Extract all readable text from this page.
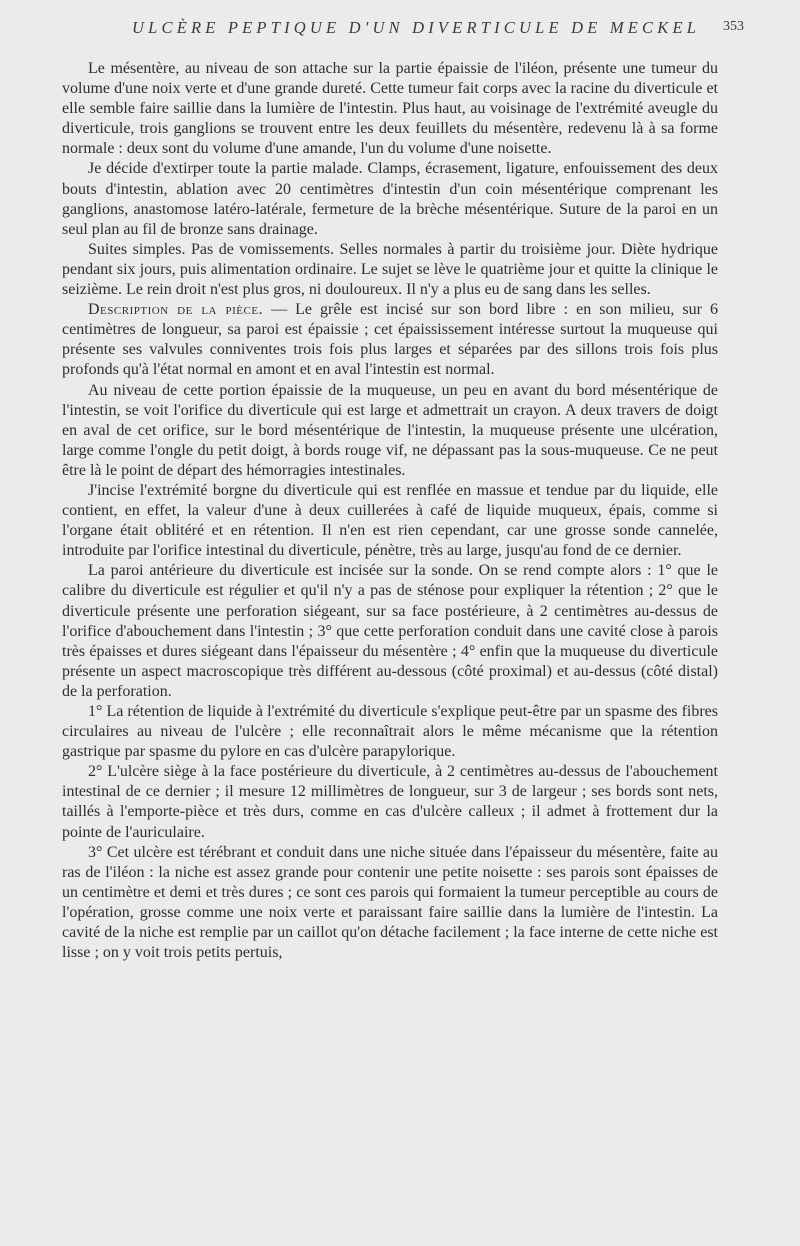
ULCÈRE PEPTIQUE D'UN DIVERTICULE DE MECKEL 353

Le mésentère, au niveau de son attache sur la partie épaissie de l'iléon, présente une tumeur du volume d'une noix verte et d'une grande dureté. Cette tumeur fait corps avec la racine du diverticule et elle semble faire saillie dans la lumière de l'intestin. Plus haut, au voisinage de l'extrémité aveugle du diverticule, trois ganglions se trouvent entre les deux feuillets du mésentère, redevenu là à sa forme normale : deux sont du volume d'une amande, l'un du volume d'une noisette.

Je décide d'extirper toute la partie malade. Clamps, écrasement, ligature, enfouissement des deux bouts d'intestin, ablation avec 20 centimètres d'intestin d'un coin mésentérique comprenant les ganglions, anastomose latéro-latérale, fermeture de la brèche mésentérique. Suture de la paroi en un seul plan au fil de bronze sans drainage.

Suites simples. Pas de vomissements. Selles normales à partir du troisième jour. Diète hydrique pendant six jours, puis alimentation ordinaire. Le sujet se lève le quatrième jour et quitte la clinique le seizième. Le rein droit n'est plus gros, ni douloureux. Il n'y a plus eu de sang dans les selles.

Description de la pièce. — Le grêle est incisé sur son bord libre : en son milieu, sur 6 centimètres de longueur, sa paroi est épaissie ; cet épaississement intéresse surtout la muqueuse qui présente ses valvules conniventes trois fois plus larges et séparées par des sillons trois fois plus profonds qu'à l'état normal en amont et en aval l'intestin est normal.

Au niveau de cette portion épaissie de la muqueuse, un peu en avant du bord mésentérique de l'intestin, se voit l'orifice du diverticule qui est large et admettrait un crayon. A deux travers de doigt en aval de cet orifice, sur le bord mésentérique de l'intestin, la muqueuse présente une ulcération, large comme l'ongle du petit doigt, à bords rouge vif, ne dépassant pas la sous-muqueuse. Ce ne peut être là le point de départ des hémorragies intestinales.

J'incise l'extrémité borgne du diverticule qui est renflée en massue et tendue par du liquide, elle contient, en effet, la valeur d'une à deux cuillerées à café de liquide muqueux, épais, comme si l'organe était oblitéré et en rétention. Il n'en est rien cependant, car une grosse sonde cannelée, introduite par l'orifice intestinal du diverticule, pénètre, très au large, jusqu'au fond de ce dernier.

La paroi antérieure du diverticule est incisée sur la sonde. On se rend compte alors : 1° que le calibre du diverticule est régulier et qu'il n'y a pas de sténose pour expliquer la rétention ; 2° que le diverticule présente une perforation siégeant, sur sa face postérieure, à 2 centimètres au-dessus de l'orifice d'abouchement dans l'intestin ; 3° que cette perforation conduit dans une cavité close à parois très épaisses et dures siégeant dans l'épaisseur du mésentère ; 4° enfin que la muqueuse du diverticule présente un aspect macroscopique très différent au-dessous (côté proximal) et au-dessus (côté distal) de la perforation.

1° La rétention de liquide à l'extrémité du diverticule s'explique peut-être par un spasme des fibres circulaires au niveau de l'ulcère ; elle reconnaîtrait alors le même mécanisme que la rétention gastrique par spasme du pylore en cas d'ulcère parapylorique.

2° L'ulcère siège à la face postérieure du diverticule, à 2 centimètres au-dessus de l'abouchement intestinal de ce dernier ; il mesure 12 millimètres de longueur, sur 3 de largeur ; ses bords sont nets, taillés à l'emporte-pièce et très durs, comme en cas d'ulcère calleux ; il admet à frottement dur la pointe de l'auriculaire.

3° Cet ulcère est térébrant et conduit dans une niche située dans l'épaisseur du mésentère, faite au ras de l'iléon : la niche est assez grande pour contenir une petite noisette : ses parois sont épaisses de un centimètre et demi et très dures ; ce sont ces parois qui formaient la tumeur perceptible au cours de l'opération, grosse comme une noix verte et paraissant faire saillie dans la lumière de l'intestin. La cavité de la niche est remplie par un caillot qu'on détache facilement ; la face interne de cette niche est lisse ; on y voit trois petits pertuis,
